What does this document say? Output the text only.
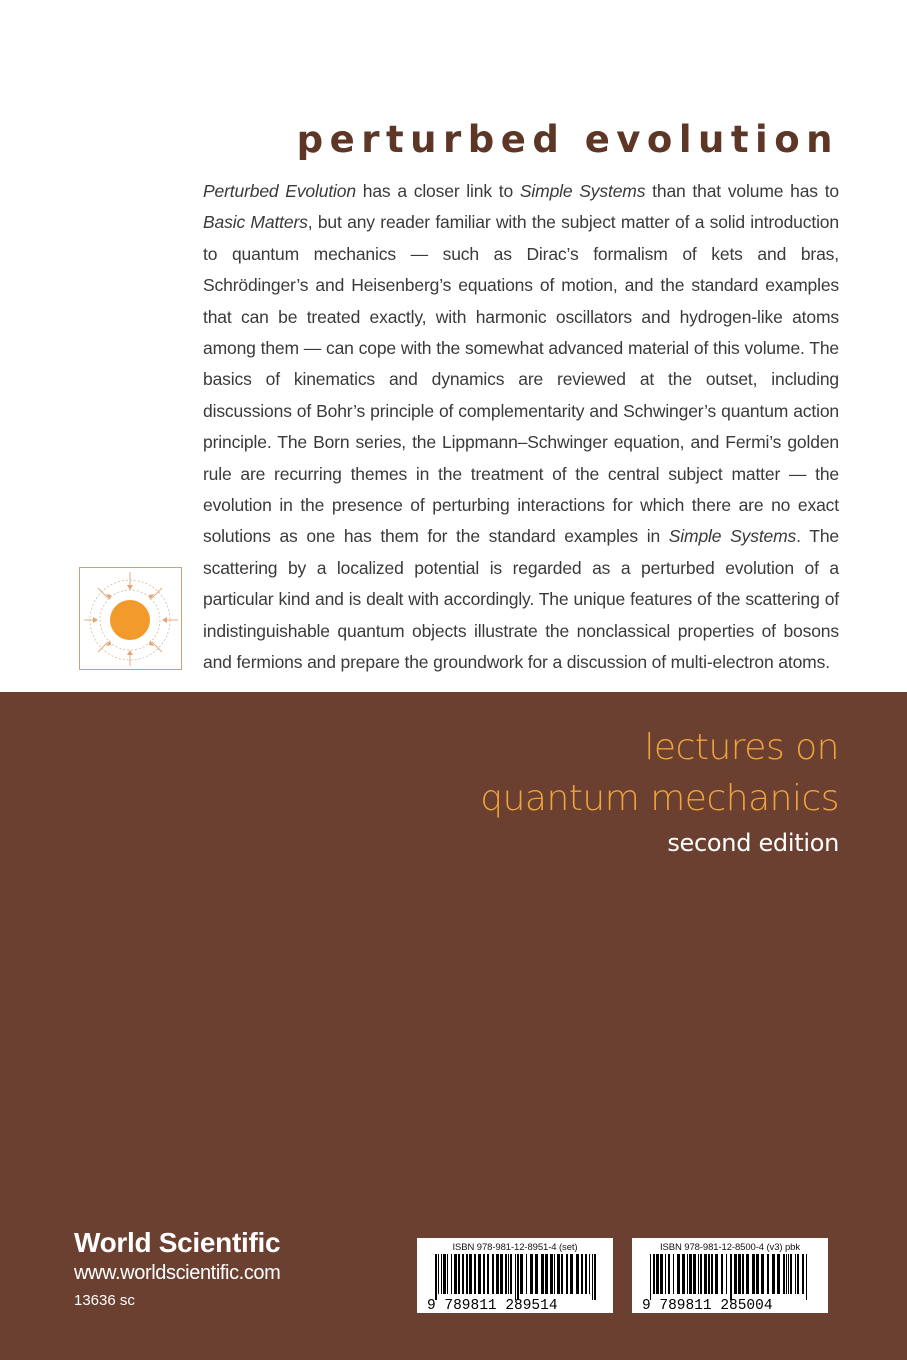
perturbed evolution

Perturbed Evolution has a closer link to Simple Systems than that volume has to Basic Matters, but any reader familiar with the subject matter of a solid introduction to quantum mechanics — such as Dirac’s formalism of kets and bras, Schrödinger’s and Heisenberg’s equations of motion, and the standard examples that can be treated exactly, with harmonic oscillators and hydrogen-like atoms among them — can cope with the somewhat advanced material of this volume. The basics of kinematics and dynamics are reviewed at the outset, including discussions of Bohr’s principle of complementarity and Schwinger’s quantum action principle. The Born series, the Lippmann–Schwinger equation, and Fermi’s golden rule are recurring themes in the treatment of the central subject matter — the evolution in the presence of perturbing interactions for which there are no exact solutions as one has them for the standard examples in Simple Systems. The scattering by a localized potential is regarded as a perturbed evolution of a particular kind and is dealt with accordingly. The unique features of the scattering of indistinguishable quantum objects illustrate the nonclassical properties of bosons and fermions and prepare the groundwork for a discussion of multi-electron atoms.

lectures on
quantum mechanics
second edition
World Scientific
www.worldscientific.com
13636 sc
ISBN 978-981-12-8951-4 (set)
9 789811 289514
ISBN 978-981-12-8500-4 (v3) pbk
9 789811 285004
